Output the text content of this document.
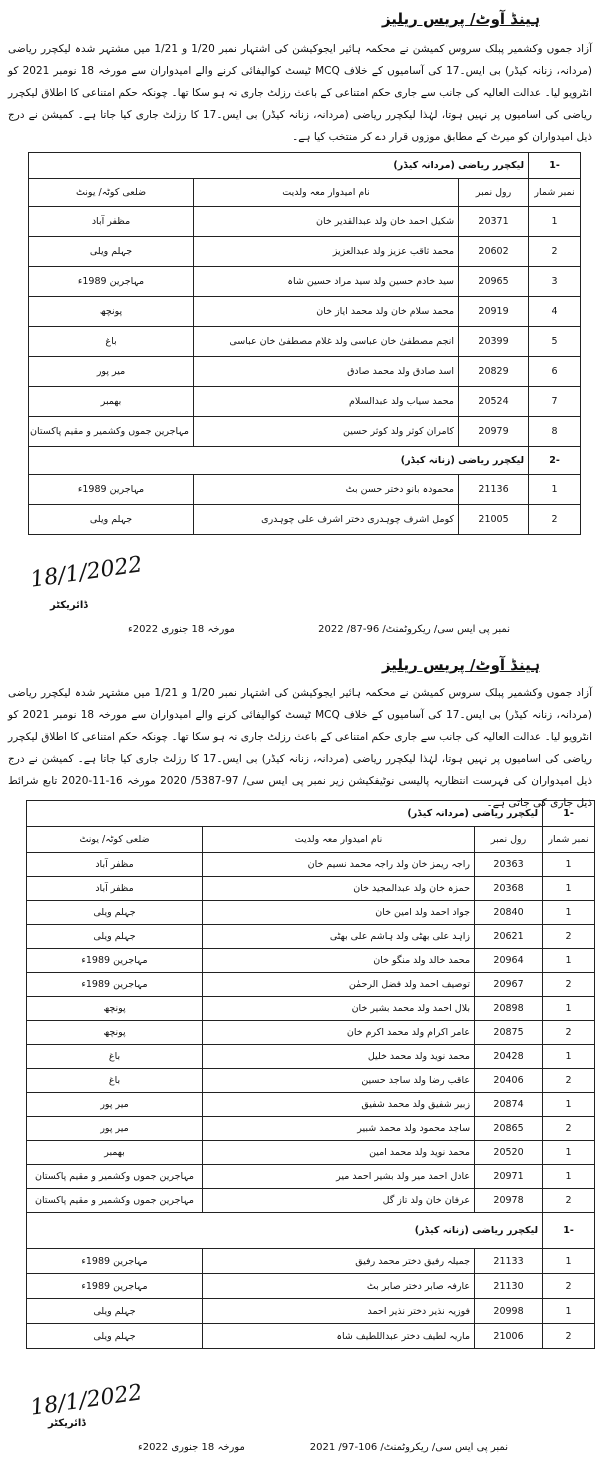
ہینڈ آوٹ/ پریس ریلیز
آزاد جموں وکشمیر پبلک سروس کمیشن نے محکمہ ہائیر ایجوکیشن کی اشتہار نمبر 1/20 و 1/21 میں مشتہر شدہ لیکچرر ریاضی (مردانہ، زنانہ کیڈر) بی ایس۔17 کی آسامیوں کے خلاف MCQ ٹیسٹ کوالیفائی کرنے والے امیدواران سے مورخہ 18 نومبر 2021 کو انٹرویو لیا۔ عدالت العالیہ کی جانب سے جاری حکم امتناعی کے باعث رزلٹ جاری نہ ہو سکا تھا۔ چونکہ حکم امتناعی کا اطلاق لیکچرر ریاضی کی اسامیوں پر نہیں ہوتا، لہٰذا لیکچرر ریاضی (مردانہ، زنانہ کیڈر) بی ایس۔17 کا رزلٹ جاری کیا جاتا ہے۔ کمیشن نے درج ذیل امیدواران کو میرٹ کے مطابق موزوں قرار دے کر منتخب کیا ہے۔
-1	لیکچرر ریاضی (مردانہ کیڈر)		
نمبر شمار	رول نمبر	نام امیدوار معہ ولدیت	ضلعی کوٹہ/ یونٹ
1	20371	شکیل احمد خان ولد عبدالقدیر خان	مظفر آباد
2	20602	محمد ثاقب عزیز ولد عبدالعزیز	جہلم ویلی
3	20965	سید خادم حسین ولد سید مراد حسین شاہ	مہاجرین 1989ء
4	20919	محمد سلام خان ولد محمد ایاز خان	پونچھ
5	20399	انجم مصطفیٰ خان عباسی ولد غلام مصطفیٰ خان عباسی	باغ
6	20829	اسد صادق ولد محمد صادق	میر پور
7	20524	محمد سیاب ولد عبدالسلام	بھمبر
8	20979	کامران کوثر ولد کوثر حسین	مہاجرین جموں وکشمیر و مقیم پاکستان
-2	لیکچرر ریاضی (زنانہ کیڈر)		
1	21136	محمودہ بانو دختر حسن بٹ	مہاجرین 1989ء
2	21005	کومل اشرف چوہدری دختر اشرف علی چوہدری	جہلم ویلی
18/1/2022
ڈائریکٹر
نمبر پی ایس سی/ ریکروٹمنٹ/ 96-87/ 2022
مورخہ 18 جنوری 2022ء
ہینڈ آوٹ/ پریس ریلیز
آزاد جموں وکشمیر پبلک سروس کمیشن نے محکمہ ہائیر ایجوکیشن کی اشتہار نمبر 1/20 و 1/21 میں مشتہر شدہ لیکچرر ریاضی (مردانہ، زنانہ کیڈر) بی ایس۔17 کی آسامیوں کے خلاف MCQ ٹیسٹ کوالیفائی کرنے والے امیدواران سے مورخہ 18 نومبر 2021 کو انٹرویو لیا۔ عدالت العالیہ کی جانب سے جاری حکم امتناعی کے باعث رزلٹ جاری نہ ہو سکا تھا۔ چونکہ حکم امتناعی کا اطلاق لیکچرر ریاضی کی اسامیوں پر نہیں ہوتا، لہٰذا لیکچرر ریاضی (مردانہ، زنانہ کیڈر) بی ایس۔17 کا رزلٹ جاری کیا جاتا ہے۔ کمیشن نے درج ذیل امیدواران کی فہرست انتظاریہ پالیسی نوٹیفکیشن زیر نمبر پی ایس سی/ 97-5387/ 2020 مورخہ 16-11-2020 تابع شرائط ذیل جاری کی جاتی ہے۔
-1	لیکچرر ریاضی (مردانہ کیڈر)		
نمبر شمار	رول نمبر	نام امیدوار معہ ولدیت	ضلعی کوٹہ/ یونٹ
1	20363	راجہ ریمز خان ولد راجہ محمد نسیم خان	مظفر آباد
1	20368	حمزہ خان ولد عبدالمجید خان	مظفر آباد
1	20840	جواد احمد ولد امین خان	جہلم ویلی
2	20621	زاہد علی بھٹی ولد ہاشم علی بھٹی	جہلم ویلی
1	20964	محمد خالد ولد منگو خان	مہاجرین 1989ء
2	20967	توصیف احمد ولد فضل الرحمٰن	مہاجرین 1989ء
1	20898	بلال احمد ولد محمد بشیر خان	پونچھ
2	20875	عامر اکرام ولد محمد اکرم خان	پونچھ
1	20428	محمد نوید ولد محمد خلیل	باغ
2	20406	عاقب رضا ولد ساجد حسین	باغ
1	20874	زبیر شفیق ولد محمد شفیق	میر پور
2	20865	ساجد محمود ولد محمد شبیر	میر پور
1	20520	محمد نوید ولد محمد امین	بھمبر
1	20971	عادل احمد میر ولد بشیر احمد میر	مہاجرین جموں وکشمیر و مقیم پاکستان
2	20978	عرفان خان ولد تاز گل	مہاجرین جموں وکشمیر و مقیم پاکستان
-1	لیکچرر ریاضی (زنانہ کیڈر)		
1	21133	جمیلہ رفیق دختر محمد رفیق	مہاجرین 1989ء
2	21130	عارفہ صابر دختر صابر بٹ	مہاجرین 1989ء
1	20998	فوزیہ نذیر دختر نذیر احمد	جہلم ویلی
2	21006	ماریہ لطیف دختر عبداللطیف شاہ	جہلم ویلی
18/1/2022
ڈائریکٹر
نمبر پی ایس سی/ ریکروٹمنٹ/ 106-97/ 2021
مورخہ 18 جنوری 2022ء
